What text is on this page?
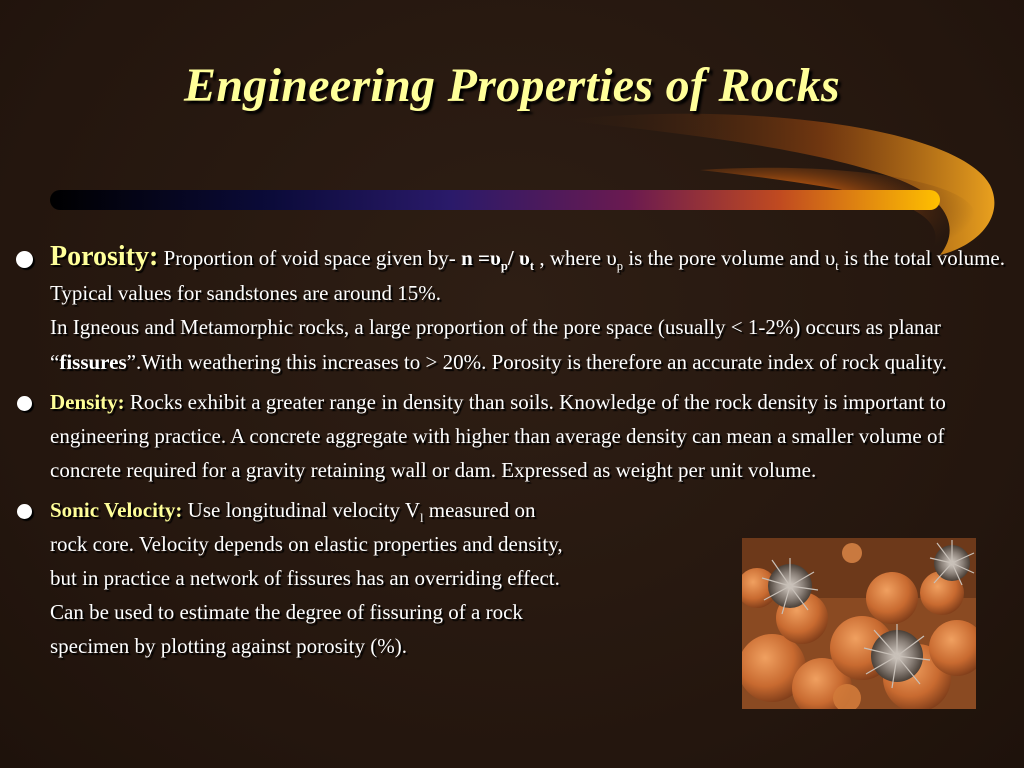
Engineering Properties of Rocks
Porosity: Proportion of void space given by- $n =\upsilon_p/$ $\upsilon_t$ , where $\upsilon_p$ is the pore volume and $\upsilon_t$ is the total volume. Typical values for sandstones are around 15%.
In Igneous and Metamorphic rocks, a large proportion of the pore space (usually < 1-2%) occurs as planar “fissures”.With weathering this increases to > 20%. Porosity is therefore an accurate index of rock quality.
Density: Rocks exhibit a greater range in density than soils. Knowledge of the rock density is important to engineering practice. A concrete aggregate with higher than average density can mean a smaller volume of concrete required for a gravity retaining wall or dam. Expressed as weight per unit volume.
Sonic Velocity: Use longitudinal velocity $V_l$ measured on
rock core. Velocity depends on elastic properties and density,
but in practice a network of fissures has an overriding effect.
Can be used to estimate the degree of fissuring of a rock
specimen by plotting against porosity (%).
